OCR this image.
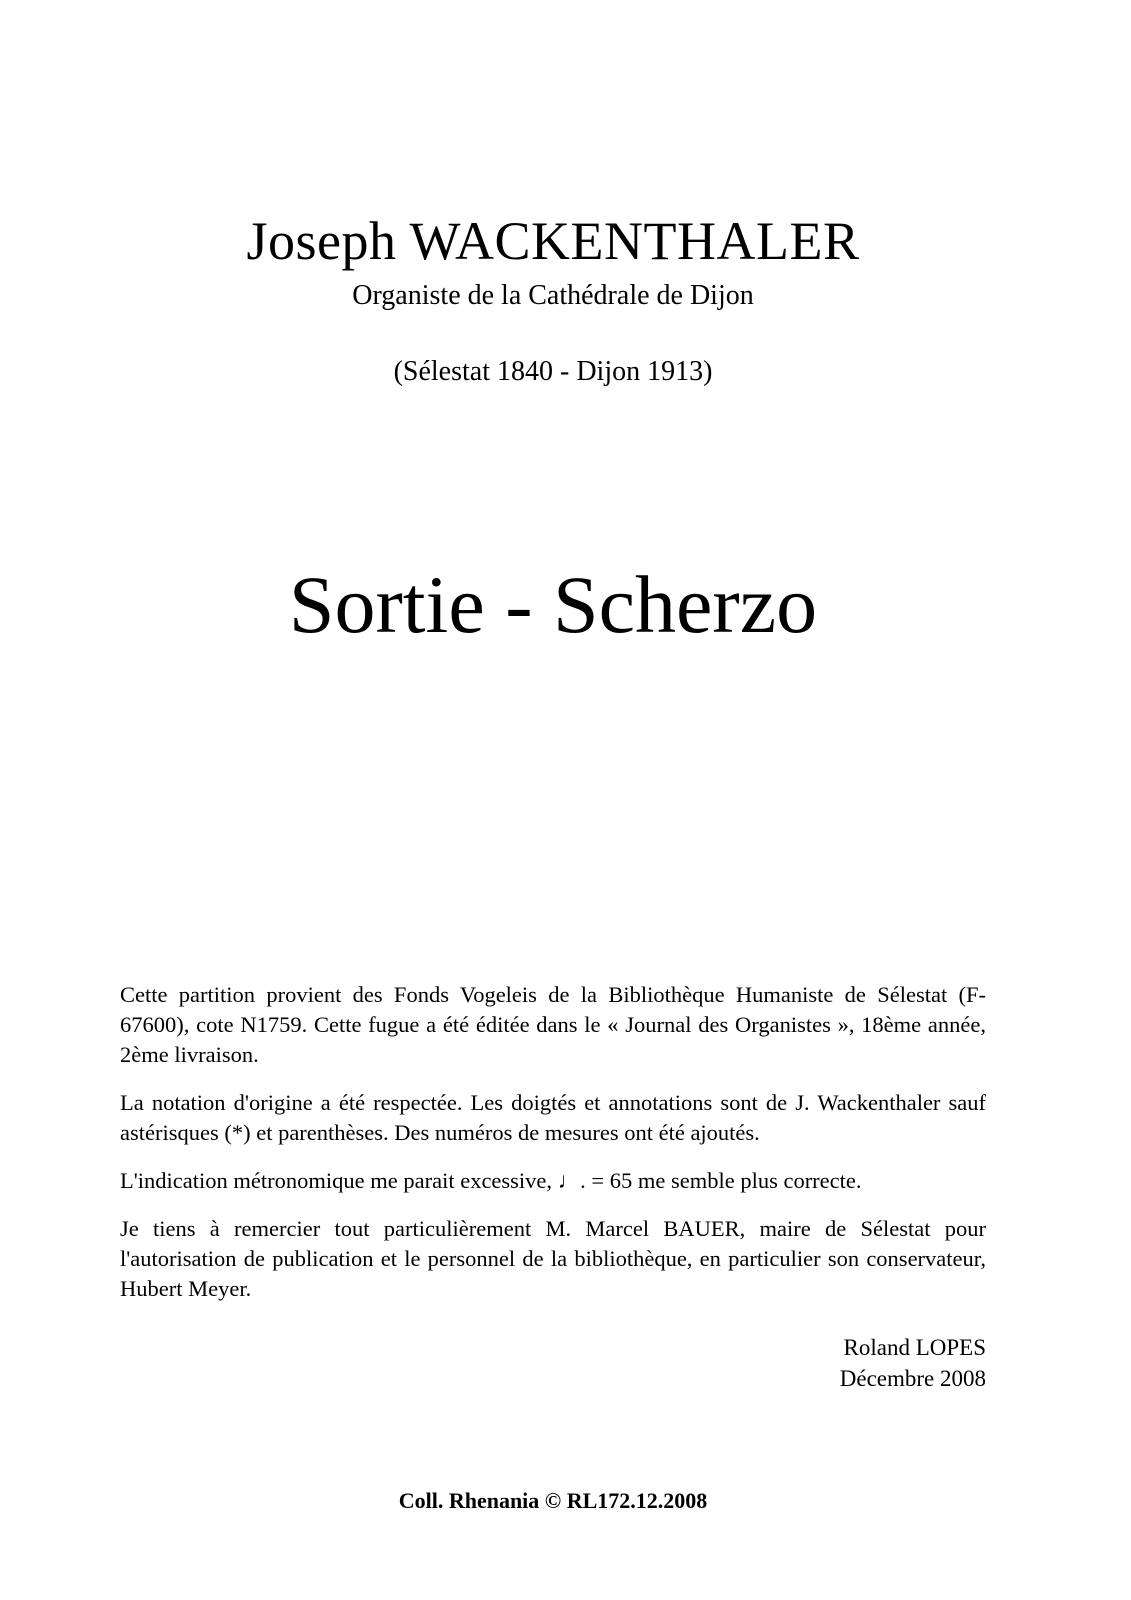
Joseph WACKENTHALER
Organiste de la Cathédrale de Dijon
(Sélestat 1840 - Dijon 1913)
Sortie - Scherzo

Cette partition provient des Fonds Vogeleis de la Bibliothèque Humaniste de Sélestat (F-67600), cote N1759. Cette fugue a été éditée dans le « Journal des Organistes », 18ème année, 2ème livraison.

La notation d'origine a été respectée. Les doigtés et annotations sont de J. Wackenthaler sauf astérisques (*) et parenthèses. Des numéros de mesures ont été ajoutés.

L'indication métronomique me parait excessive, ♩. = 65 me semble plus correcte.

Je tiens à remercier tout particulièrement M. Marcel BAUER, maire de Sélestat pour l'autorisation de publication et le personnel de la bibliothèque, en particulier son conservateur, Hubert Meyer.

Roland LOPES
Décembre 2008
Coll. Rhenania © RL172.12.2008
